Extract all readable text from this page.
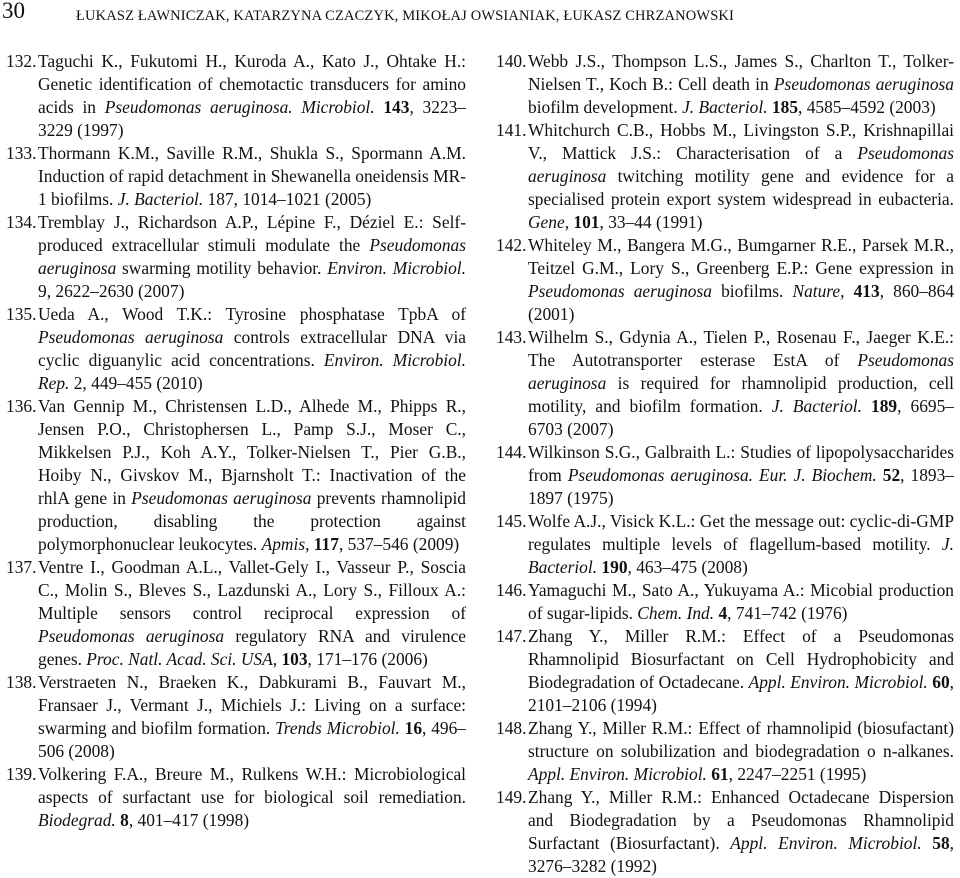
30	ŁUKASZ ŁAWNICZAK, KATARZYNA CZACZYK, MIKOŁAJ OWSIANIAK, ŁUKASZ CHRZANOWSKI
132. Taguchi K., Fukutomi H., Kuroda A., Kato J., Ohtake H.: Genetic identification of chemotactic transducers for amino acids in Pseudomonas aeruginosa. Microbiol. 143, 3223–3229 (1997)
133. Thormann K.M., Saville R.M., Shukla S., Spormann A.M. Induction of rapid detachment in Shewanella oneidensis MR-1 biofilms. J. Bacteriol. 187, 1014–1021 (2005)
134. Tremblay J., Richardson A.P., Lépine F., Déziel E.: Self-produced extracellular stimuli modulate the Pseudomonas aeruginosa swarming motility behavior. Environ. Microbiol. 9, 2622–2630 (2007)
135. Ueda A., Wood T.K.: Tyrosine phosphatase TpbA of Pseudomonas aeruginosa controls extracellular DNA via cyclic diguanylic acid concentrations. Environ. Microbiol. Rep. 2, 449–455 (2010)
136. Van Gennip M., Christensen L.D., Alhede M., Phipps R., Jensen P.O., Christophersen L., Pamp S.J., Moser C., Mikkelsen P.J., Koh A.Y., Tolker-Nielsen T., Pier G.B., Hoiby N., Givskov M., Bjarnsholt T.: Inactivation of the rhlA gene in Pseudomonas aeruginosa prevents rhamnolipid production, disabling the protection against polymorphonuclear leukocytes. Apmis, 117, 537–546 (2009)
137. Ventre I., Goodman A.L., Vallet-Gely I., Vasseur P., Soscia C., Molin S., Bleves S., Lazdunski A., Lory S., Filloux A.: Multiple sensors control reciprocal expression of Pseudomonas aeruginosa regulatory RNA and virulence genes. Proc. Natl. Acad. Sci. USA, 103, 171–176 (2006)
138. Verstraeten N., Braeken K., Dabkurami B., Fauvart M., Fransaer J., Vermant J., Michiels J.: Living on a surface: swarming and biofilm formation. Trends Microbiol. 16, 496–506 (2008)
139. Volkering F.A., Breure M., Rulkens W.H.: Microbiological aspects of surfactant use for biological soil remediation. Biodegrad. 8, 401–417 (1998)
140. Webb J.S., Thompson L.S., James S., Charlton T., Tolker-Nielsen T., Koch B.: Cell death in Pseudomonas aeruginosa biofilm development. J. Bacteriol. 185, 4585–4592 (2003)
141. Whitchurch C.B., Hobbs M., Livingston S.P., Krishnapillai V., Mattick J.S.: Characterisation of a Pseudomonas aeruginosa twitching motility gene and evidence for a specialised protein export system widespread in eubacteria. Gene, 101, 33–44 (1991)
142. Whiteley M., Bangera M.G., Bumgarner R.E., Parsek M.R., Teitzel G.M., Lory S., Greenberg E.P.: Gene expression in Pseudomonas aeruginosa biofilms. Nature, 413, 860–864 (2001)
143. Wilhelm S., Gdynia A., Tielen P., Rosenau F., Jaeger K.E.: The Autotransporter esterase EstA of Pseudomonas aeruginosa is required for rhamnolipid production, cell motility, and biofilm formation. J. Bacteriol. 189, 6695–6703 (2007)
144. Wilkinson S.G., Galbraith L.: Studies of lipopolysaccharides from Pseudomonas aeruginosa. Eur. J. Biochem. 52, 1893–1897 (1975)
145. Wolfe A.J., Visick K.L.: Get the message out: cyclic-di-GMP regulates multiple levels of flagellum-based motility. J. Bacteriol. 190, 463–475 (2008)
146. Yamaguchi M., Sato A., Yukuyama A.: Micobial production of sugar-lipids. Chem. Ind. 4, 741–742 (1976)
147. Zhang Y., Miller R.M.: Effect of a Pseudomonas Rhamnolipid Biosurfactant on Cell Hydrophobicity and Biodegradation of Octadecane. Appl. Environ. Microbiol. 60, 2101–2106 (1994)
148. Zhang Y., Miller R.M.: Effect of rhamnolipid (biosufactant) structure on solubilization and biodegradation o n-alkanes. Appl. Environ. Microbiol. 61, 2247–2251 (1995)
149. Zhang Y., Miller R.M.: Enhanced Octadecane Dispersion and Biodegradation by a Pseudomonas Rhamnolipid Surfactant (Biosurfactant). Appl. Environ. Microbiol. 58, 3276–3282 (1992)
